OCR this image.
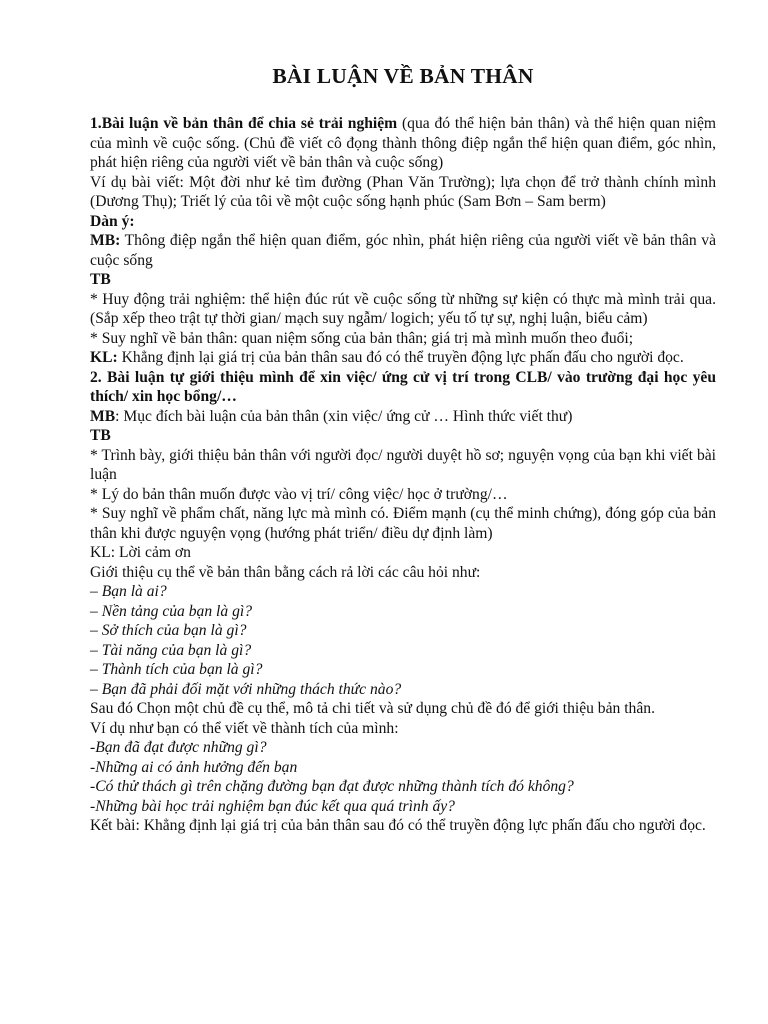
BÀI LUẬN VỀ BẢN THÂN

1.Bài luận về bản thân để chia sẻ trải nghiệm (qua đó thể hiện bản thân) và thể hiện quan niệm của mình về cuộc sống. (Chủ đề viết cô đọng thành thông điệp ngắn thể hiện quan điểm, góc nhìn, phát hiện riêng của người viết về bản thân và cuộc sống)

Ví dụ bài viết: Một đời như kẻ tìm đường (Phan Văn Trường); lựa chọn để trở thành chính mình (Dương Thụ); Triết lý của tôi về một cuộc sống hạnh phúc (Sam Bơn – Sam berm)

Dàn ý:

MB: Thông điệp ngắn thể hiện quan điểm, góc nhìn, phát hiện riêng của người viết về bản thân và cuộc sống

TB

* Huy động trải nghiệm: thể hiện đúc rút về cuộc sống từ những sự kiện có thực mà mình trải qua. (Sắp xếp theo trật tự thời gian/ mạch suy ngẫm/ logich; yếu tố tự sự, nghị luận, biểu cảm)

* Suy nghĩ về bản thân: quan niệm sống của bản thân; giá trị mà mình muốn theo đuổi;

KL: Khẳng định lại giá trị của bản thân sau đó có thể truyền động lực phấn đấu cho người đọc.

2. Bài luận tự giới thiệu mình để xin việc/ ứng cử vị trí trong CLB/ vào trường đại học yêu thích/ xin học bổng/…

MB: Mục đích bài luận của bản thân (xin việc/ ứng cử … Hình thức viết thư)

TB

* Trình bày, giới thiệu bản thân với người đọc/ người duyệt hồ sơ; nguyện vọng của bạn khi viết bài luận

* Lý do bản thân muốn được vào vị trí/ công việc/ học ở trường/…

* Suy nghĩ về phẩm chất, năng lực mà mình có. Điểm mạnh (cụ thể minh chứng), đóng góp của bản thân khi được nguyện vọng (hướng phát triển/ điều dự định làm)

KL: Lời cảm ơn

Giới thiệu cụ thể về bản thân bằng cách rả lời các câu hỏi như:

– Bạn là ai?

– Nền tảng của bạn là gì?

– Sở thích của bạn là gì?

– Tài năng của bạn là gì?

– Thành tích của bạn là gì?

– Bạn đã phải đối mặt với những thách thức nào?

Sau đó Chọn một chủ đề cụ thể, mô tả chi tiết và sử dụng chủ đề đó để giới thiệu bản thân.

Ví dụ như bạn có thể viết về thành tích của mình:

-Bạn đã đạt được những gì?

-Những ai có ảnh hưởng đến bạn

-Có thử thách gì trên chặng đường bạn đạt được những thành tích đó không?

-Những bài học trải nghiệm bạn đúc kết qua quá trình ấy?

Kết bài: Khẳng định lại giá trị của bản thân sau đó có thể truyền động lực phấn đấu cho người đọc.
